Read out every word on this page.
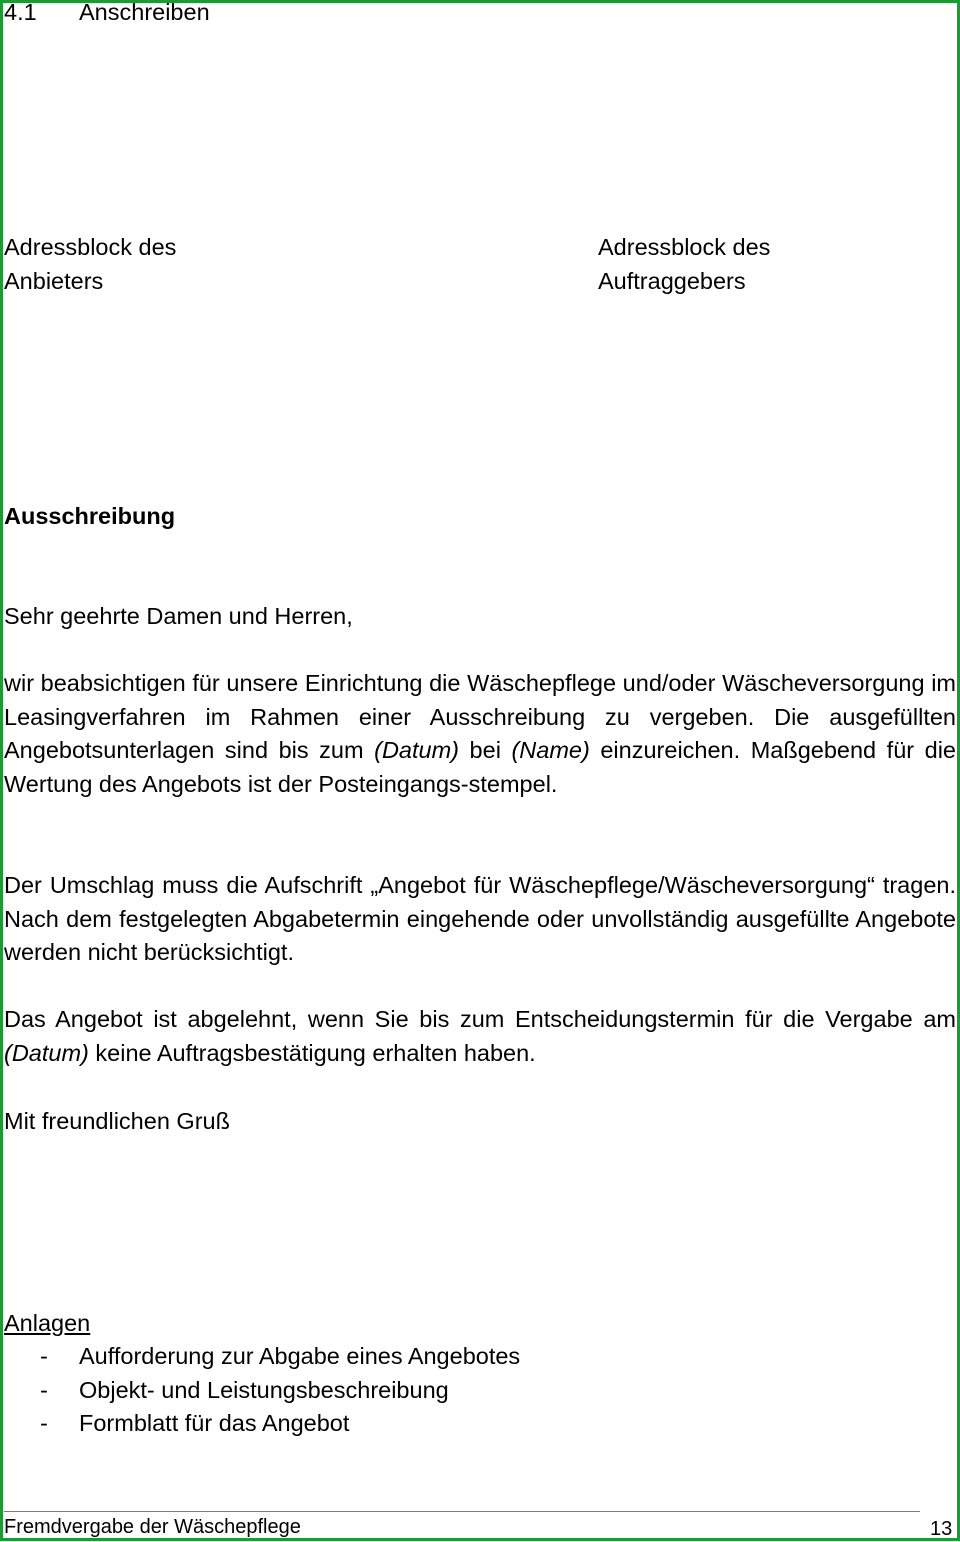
4.1 Anschreiben
Adressblock des
Anbieters
Adressblock des
Auftraggebers
Ausschreibung
Sehr geehrte Damen und Herren,
wir beabsichtigen für unsere Einrichtung die Wäschepflege und/oder Wäscheversorgung im Leasingverfahren im Rahmen einer Ausschreibung zu vergeben. Die ausgefüllten Angebotsunterlagen sind bis zum (Datum) bei (Name) einzureichen. Maßgebend für die Wertung des Angebots ist der Posteingangs-stempel.
Der Umschlag muss die Aufschrift „Angebot für Wäschepflege/Wäscheversorgung“ tragen. Nach dem festgelegten Abgabetermin eingehende oder unvollständig ausgefüllte Angebote werden nicht berücksichtigt.
Das Angebot ist abgelehnt, wenn Sie bis zum Entscheidungstermin für die Vergabe am (Datum) keine Auftragsbestätigung erhalten haben.
Mit freundlichen Gruß
Anlagen
- Aufforderung zur Abgabe eines Angebotes
- Objekt- und Leistungsbeschreibung
- Formblatt für das Angebot
Fremdvergabe der Wäschepflege	13
